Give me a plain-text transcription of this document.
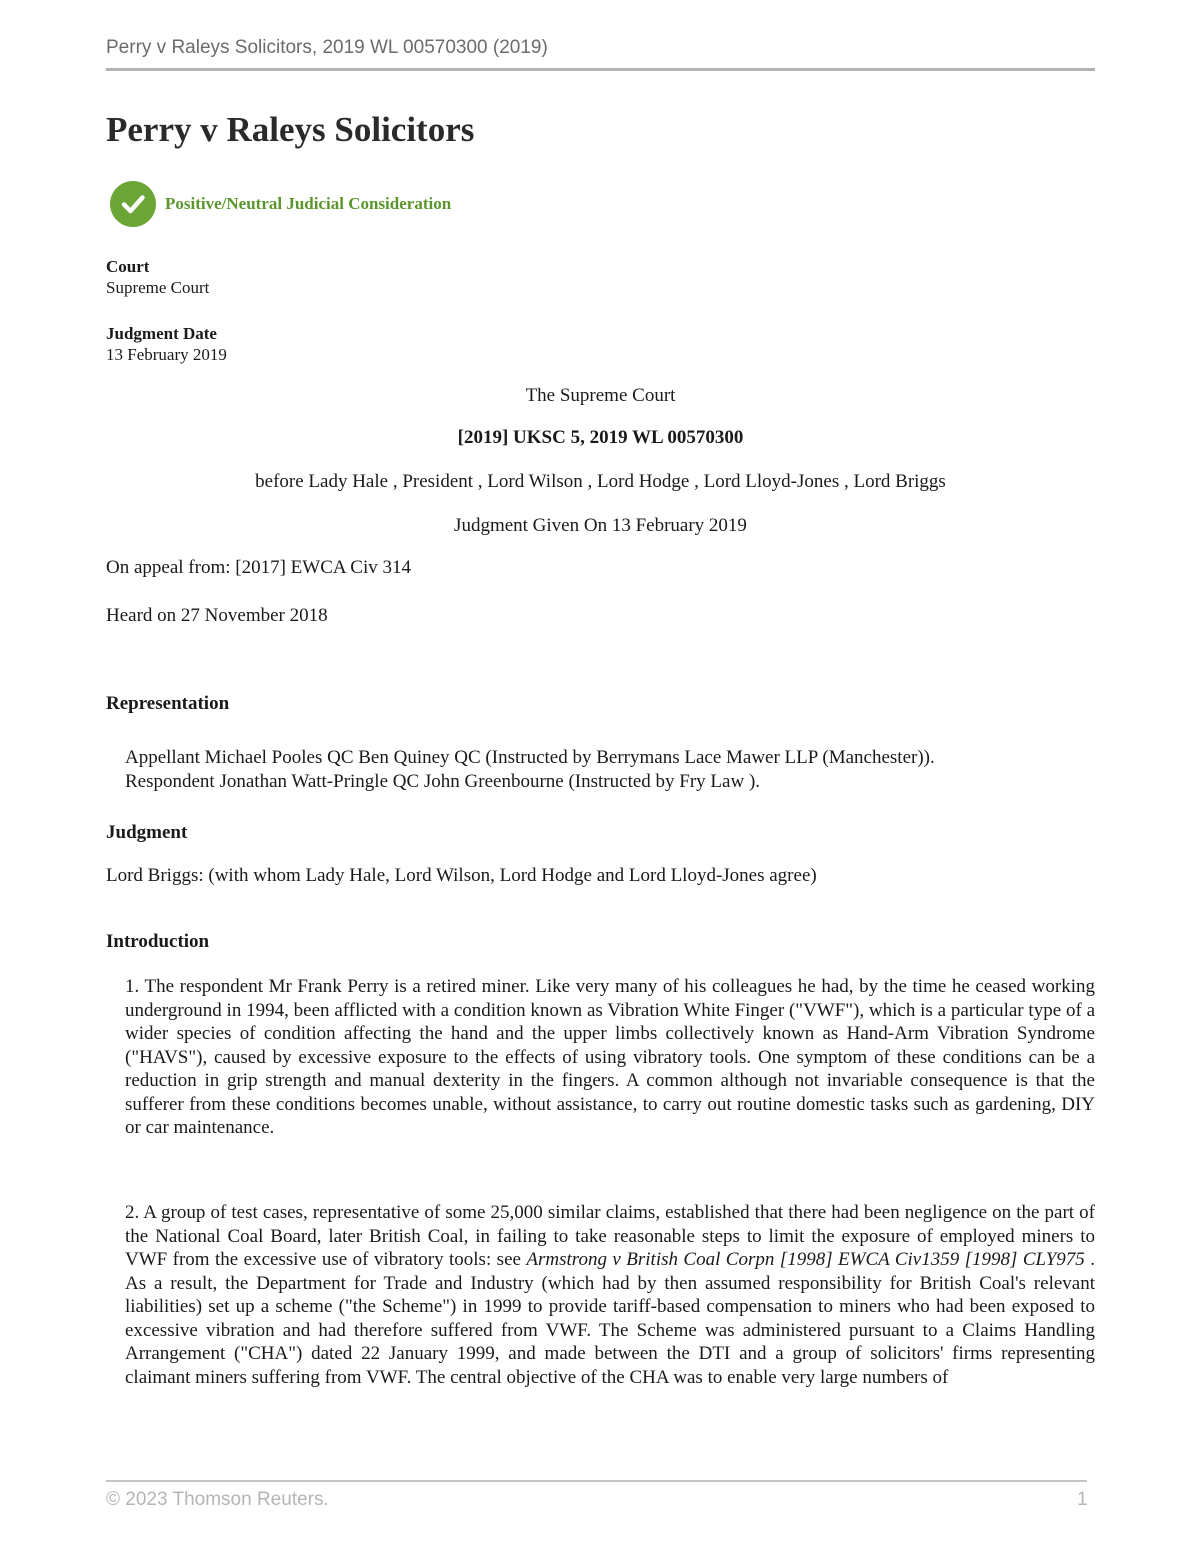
Perry v Raleys Solicitors, 2019 WL 00570300 (2019)
Perry v Raleys Solicitors
Positive/Neutral Judicial Consideration
Court
Supreme Court
Judgment Date
13 February 2019
The Supreme Court
[2019] UKSC 5, 2019 WL 00570300
before Lady Hale , President , Lord Wilson , Lord Hodge , Lord Lloyd-Jones , Lord Briggs
Judgment Given On 13 February 2019
On appeal from: [2017] EWCA Civ 314
Heard on 27 November 2018
Representation
Appellant Michael Pooles QC Ben Quiney QC (Instructed by Berrymans Lace Mawer LLP (Manchester)).
Respondent Jonathan Watt-Pringle QC John Greenbourne (Instructed by Fry Law ).
Judgment
Lord Briggs: (with whom Lady Hale, Lord Wilson, Lord Hodge and Lord Lloyd-Jones agree)
Introduction

1. The respondent Mr Frank Perry is a retired miner. Like very many of his colleagues he had, by the time he ceased working underground in 1994, been afflicted with a condition known as Vibration White Finger ("VWF"), which is a particular type of a wider species of condition affecting the hand and the upper limbs collectively known as Hand-Arm Vibration Syndrome ("HAVS"), caused by excessive exposure to the effects of using vibratory tools. One symptom of these conditions can be a reduction in grip strength and manual dexterity in the fingers. A common although not invariable consequence is that the sufferer from these conditions becomes unable, without assistance, to carry out routine domestic tasks such as gardening, DIY or car maintenance.

2. A group of test cases, representative of some 25,000 similar claims, established that there had been negligence on the part of the National Coal Board, later British Coal, in failing to take reasonable steps to limit the exposure of employed miners to VWF from the excessive use of vibratory tools: see Armstrong v British Coal Corpn [1998] EWCA Civ1359 [1998] CLY975 . As a result, the Department for Trade and Industry (which had by then assumed responsibility for British Coal's relevant liabilities) set up a scheme ("the Scheme") in 1999 to provide tariff-based compensation to miners who had been exposed to excessive vibration and had therefore suffered from VWF. The Scheme was administered pursuant to a Claims Handling Arrangement ("CHA") dated 22 January 1999, and made between the DTI and a group of solicitors' firms representing claimant miners suffering from VWF. The central objective of the CHA was to enable very large numbers of

© 2023 Thomson Reuters.	1
